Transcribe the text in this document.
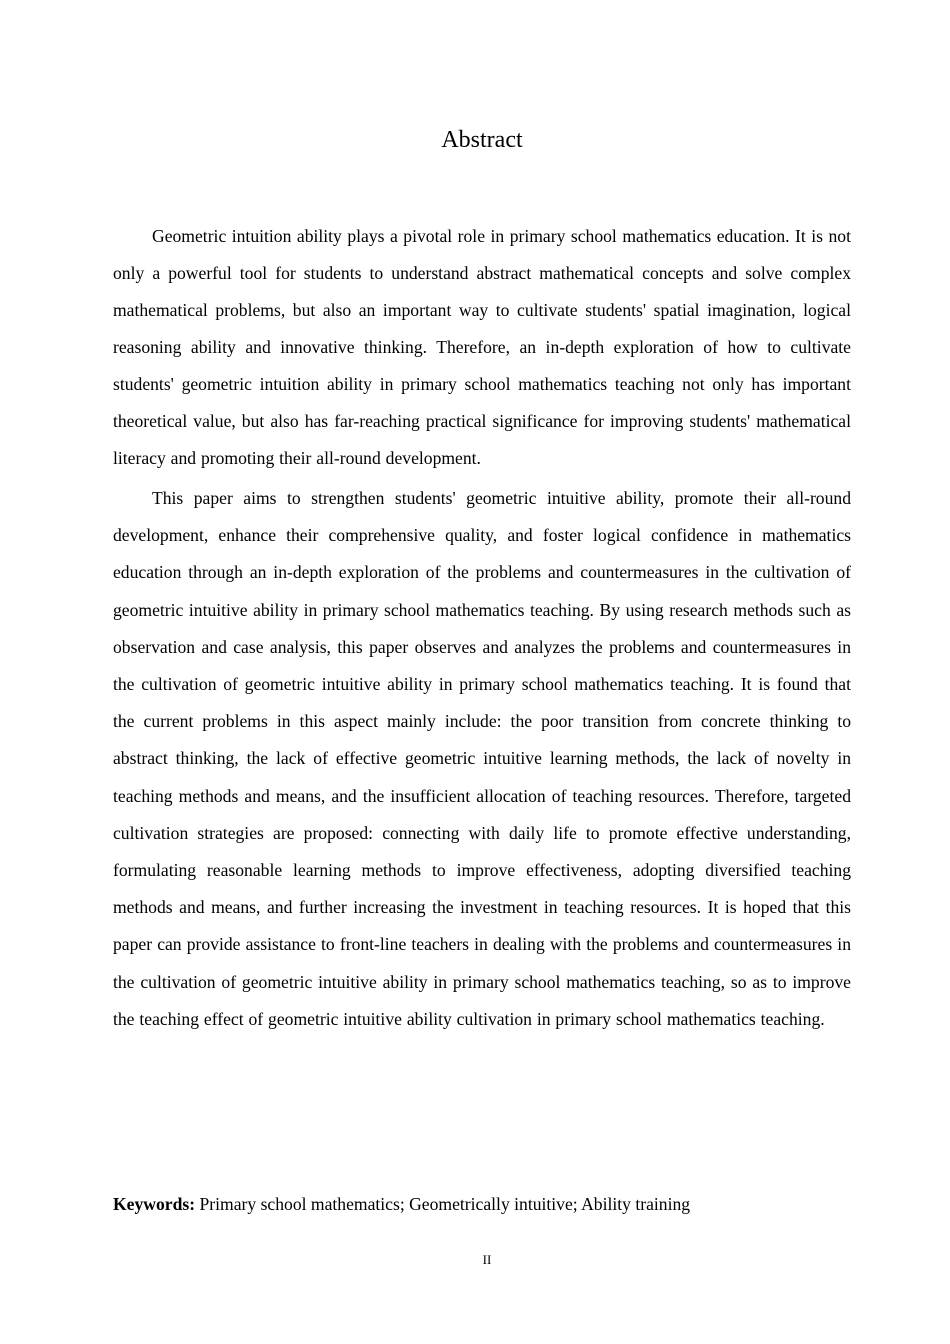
Abstract

Geometric intuition ability plays a pivotal role in primary school mathematics education. It is not only a powerful tool for students to understand abstract mathematical concepts and solve complex mathematical problems, but also an important way to cultivate students' spatial imagination, logical reasoning ability and innovative thinking. Therefore, an in-depth exploration of how to cultivate students' geometric intuition ability in primary school mathematics teaching not only has important theoretical value, but also has far-reaching practical significance for improving students' mathematical literacy and promoting their all-round development.

This paper aims to strengthen students' geometric intuitive ability, promote their all-round development, enhance their comprehensive quality, and foster logical confidence in mathematics education through an in-depth exploration of the problems and countermeasures in the cultivation of geometric intuitive ability in primary school mathematics teaching. By using research methods such as observation and case analysis, this paper observes and analyzes the problems and countermeasures in the cultivation of geometric intuitive ability in primary school mathematics teaching. It is found that the current problems in this aspect mainly include: the poor transition from concrete thinking to abstract thinking, the lack of effective geometric intuitive learning methods, the lack of novelty in teaching methods and means, and the insufficient allocation of teaching resources. Therefore, targeted cultivation strategies are proposed: connecting with daily life to promote effective understanding, formulating reasonable learning methods to improve effectiveness, adopting diversified teaching methods and means, and further increasing the investment in teaching resources. It is hoped that this paper can provide assistance to front-line teachers in dealing with the problems and countermeasures in the cultivation of geometric intuitive ability in primary school mathematics teaching, so as to improve the teaching effect of geometric intuitive ability cultivation in primary school mathematics teaching.

Keywords: Primary school mathematics; Geometrically intuitive; Ability training

II
